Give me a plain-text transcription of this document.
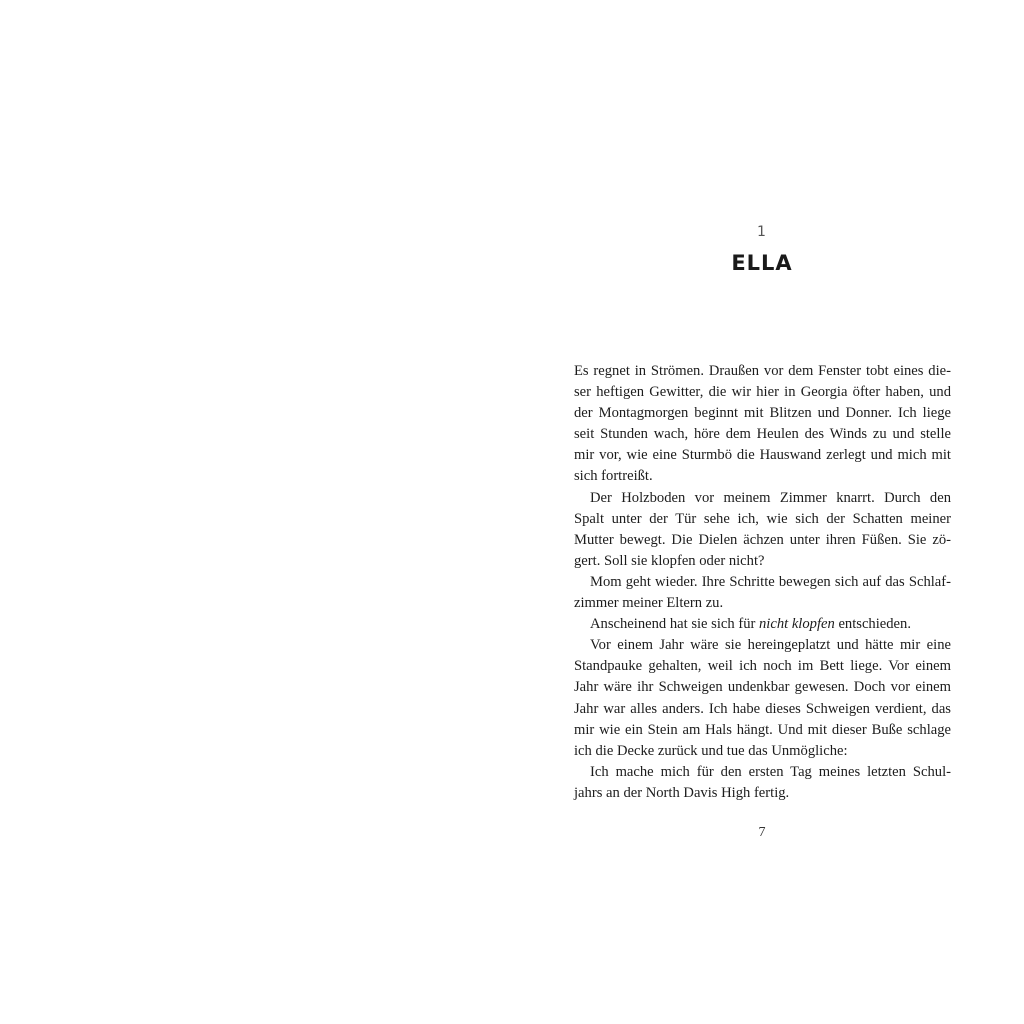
1
ELLA
Es regnet in Strömen. Draußen vor dem Fenster tobt eines die-
ser heftigen Gewitter, die wir hier in Georgia öfter haben, und
der Montagmorgen beginnt mit Blitzen und Donner. Ich liege
seit Stunden wach, höre dem Heulen des Winds zu und stelle
mir vor, wie eine Sturmbö die Hauswand zerlegt und mich mit
sich fortreißt.
Der Holzboden vor meinem Zimmer knarrt. Durch den
Spalt unter der Tür sehe ich, wie sich der Schatten meiner
Mutter bewegt. Die Dielen ächzen unter ihren Füßen. Sie zö-
gert. Soll sie klopfen oder nicht?
Mom geht wieder. Ihre Schritte bewegen sich auf das Schlaf-
zimmer meiner Eltern zu.
Anscheinend hat sie sich für nicht klopfen entschieden.
Vor einem Jahr wäre sie hereingeplatzt und hätte mir eine
Standpauke gehalten, weil ich noch im Bett liege. Vor einem
Jahr wäre ihr Schweigen undenkbar gewesen. Doch vor einem
Jahr war alles anders. Ich habe dieses Schweigen verdient, das
mir wie ein Stein am Hals hängt. Und mit dieser Buße schlage
ich die Decke zurück und tue das Unmögliche:
Ich mache mich für den ersten Tag meines letzten Schul-
jahrs an der North Davis High fertig.
7
